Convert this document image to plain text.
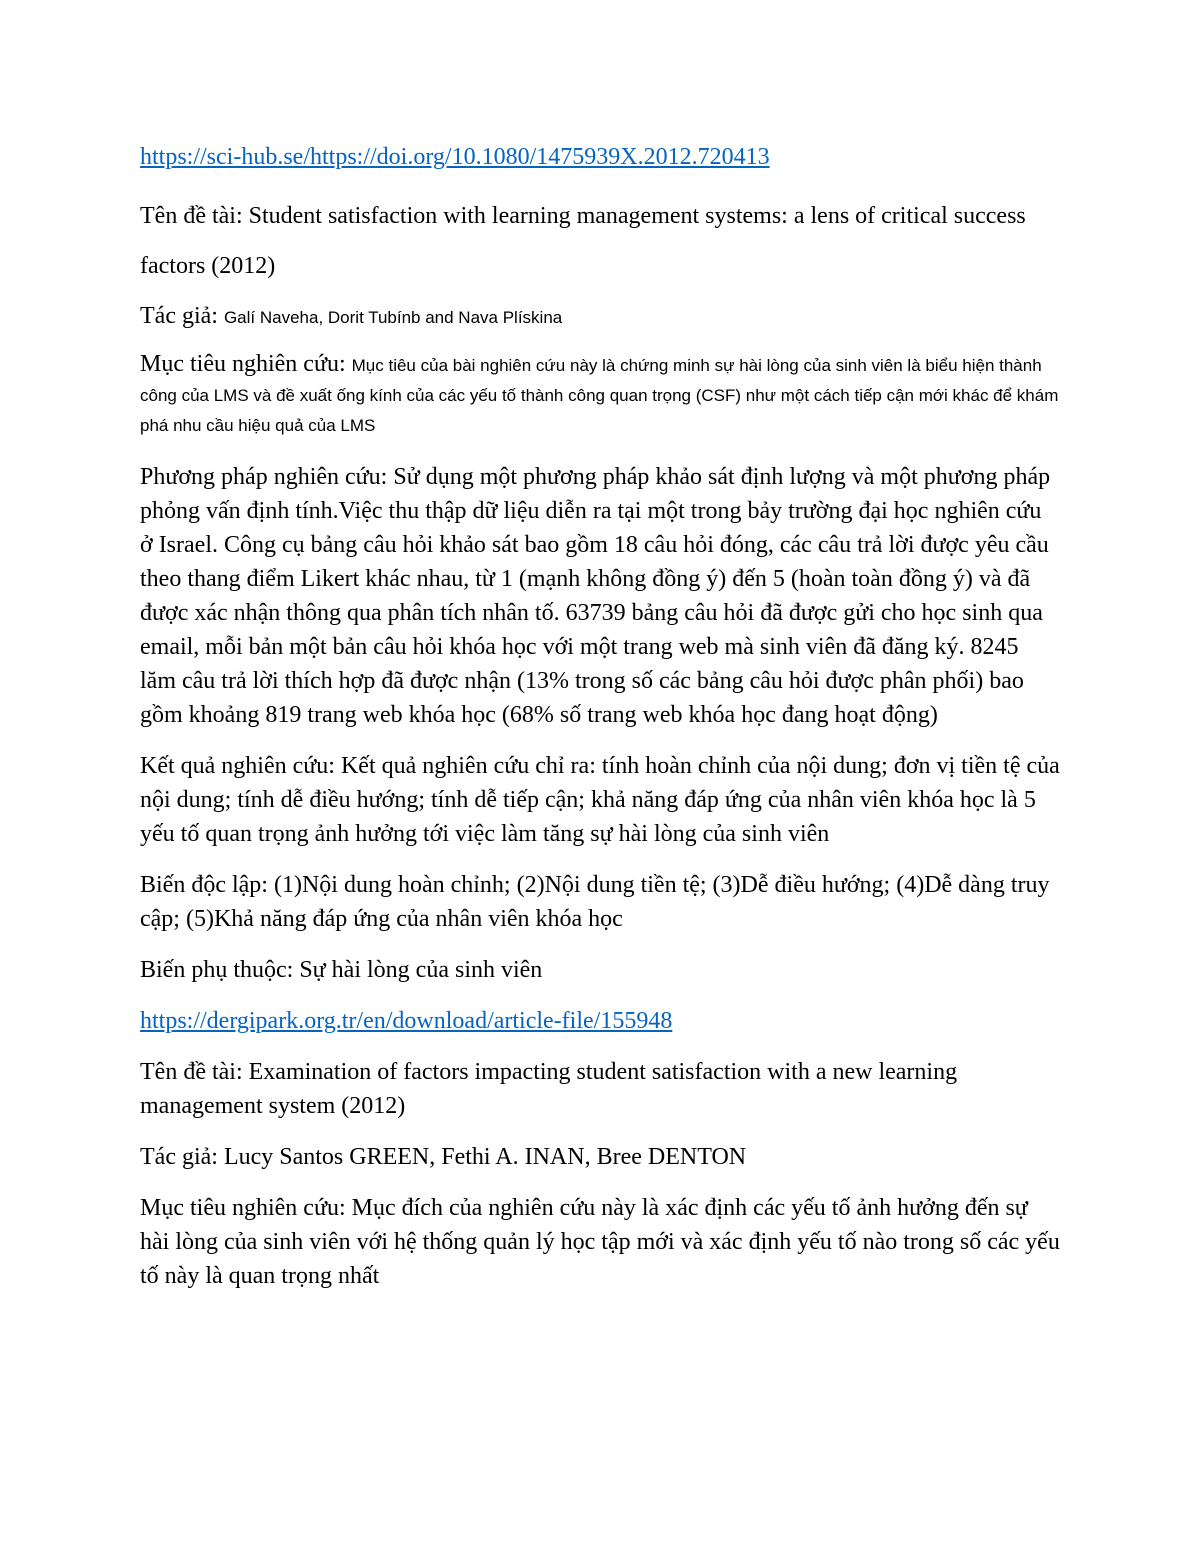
https://sci-hub.se/https://doi.org/10.1080/1475939X.2012.720413

Tên đề tài: Student satisfaction with learning management systems: a lens of critical success factors (2012)

Tác giả: Galí Naveha, Dorit Tubínb and Nava Plískina

Mục tiêu nghiên cứu: Mục tiêu của bài nghiên cứu này là chứng minh sự hài lòng của sinh viên là biểu hiện thành công của LMS và đề xuất ống kính của các yếu tố thành công quan trọng (CSF) như một cách tiếp cận mới khác để khám phá nhu cầu hiệu quả của LMS

Phương pháp nghiên cứu: Sử dụng một phương pháp khảo sát định lượng và một phương pháp phỏng vấn định tính.Việc thu thập dữ liệu diễn ra tại một trong bảy trường đại học nghiên cứu ở Israel. Công cụ bảng câu hỏi khảo sát bao gồm 18 câu hỏi đóng, các câu trả lời được yêu cầu theo thang điểm Likert khác nhau, từ 1 (mạnh không đồng ý) đến 5 (hoàn toàn đồng ý) và đã được xác nhận thông qua phân tích nhân tố. 63739 bảng câu hỏi đã được gửi cho học sinh qua email, mỗi bản một bản câu hỏi khóa học với một trang web mà sinh viên đã đăng ký. 8245 lăm câu trả lời thích hợp đã được nhận (13% trong số các bảng câu hỏi được phân phối) bao gồm khoảng 819 trang web khóa học (68% số trang web khóa học đang hoạt động)

Kết quả nghiên cứu: Kết quả nghiên cứu chỉ ra: tính hoàn chỉnh của nội dung; đơn vị tiền tệ của nội dung; tính dễ điều hướng; tính dễ tiếp cận; khả năng đáp ứng của nhân viên khóa học là 5 yếu tố quan trọng ảnh hưởng tới việc làm tăng sự hài lòng của sinh viên

Biến độc lập: (1)Nội dung hoàn chỉnh; (2)Nội dung tiền tệ; (3)Dễ điều hướng; (4)Dễ dàng truy cập; (5)Khả năng đáp ứng của nhân viên khóa học

Biến phụ thuộc: Sự hài lòng của sinh viên

https://dergipark.org.tr/en/download/article-file/155948

Tên đề tài: Examination of factors impacting student satisfaction with a new learning management system (2012)

Tác giả: Lucy Santos GREEN, Fethi A. INAN, Bree DENTON

Mục tiêu nghiên cứu: Mục đích của nghiên cứu này là xác định các yếu tố ảnh hưởng đến sự hài lòng của sinh viên với hệ thống quản lý học tập mới và xác định yếu tố nào trong số các yếu tố này là quan trọng nhất
